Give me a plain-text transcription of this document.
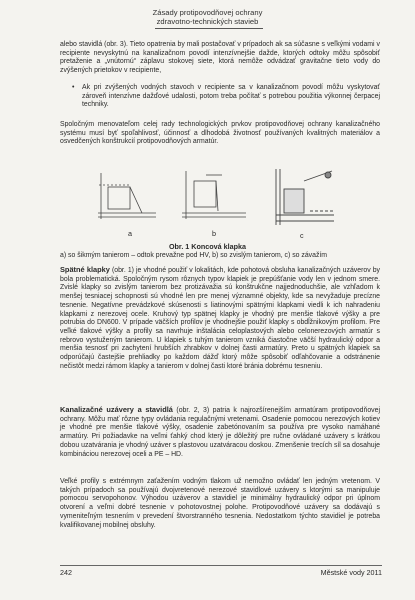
Zásady protipovodňovej ochrany
zdravotno-technických stavieb

alebo stavidlá (obr. 3). Tieto opatrenia by mali postačovať v prípadoch ak sa súčasne s veľkými vodami v recipiente nevyskytnú na kanalizačnom povodí intenzívnejšie dažde, ktorých odtoky môžu spôsobiť pretaženie a „vnútornú“ záplavu stokovej siete, ktorá nemôže odvádzať gravitačne tieto vody do zvýšených prietokov v recipiente,

• Ak pri zvýšených vodných stavoch v recipiente sa v kanalizačnom povodí môžu vyskytovať zároveň intenzívne dažďové udalosti, potom treba počítať s potrebou použitia výkonnej čerpacej techniky.

Spoločným menovateľom celej rady technologických prvkov protipovodňovej ochrany kanalizačného systému musí byť spoľahlivosť, účinnosť a dlhodobá životnosť používaných kvalitných materiálov a osvedčených konštrukcií protipovodňových armatúr.

a	b	c
Obr. 1 Koncová klapka

a) so šikmým tanierom – odtok prevažne pod HV, b) so zvislým tanierom, c) so závažím

Spätné klapky (obr. 1) je vhodné použiť v lokalitách, kde pohotová obsluha kanalizačných uzáverov by bola problematická. Spoločným rysom rôznych typov klapiek je prepúšťanie vody len v jednom smere. Zvislé klapky so zvislým tanierom bez protizávažia sú konštrukčne najjednoduchšie, ale vzhľadom k menšej tesniacej schopnosti sú vhodné len pre menej významné objekty, kde sa nevyžaduje precízne tesnenie. Negatívne prevádzkové skúsenosti s liatinovými spätnými klapkami viedli k ich nahradeniu klapkami z nerezovej ocele. Kruhový typ spätnej klapky je vhodný pre menšie tlakové výšky a pre potrubia do DN600. V prípade väčších profilov je vhodnejšie použiť klapky s obdĺžnikovým profilom. Pre veľké tlakové výšky a profily sa navrhuje inštalácia celoplastových alebo celonerezových armatúr s rebrovo vystuženým tanierom. U klapiek s tuhým tanierom vzniká čiastočne väčší hydraulický odpor a menšia tesnosť pri zachytení hrubších zhrabkov v dolnej časti armatúry. Preto u spätných klapiek sa odporúčajú častejšie prehliadky po každom dážď ktorý môže spôsobiť odľahčovanie a odstránenie nečistôt medzi rámom klapky a tanierom v dolnej časti ktoré bránia dobrému tesneniu.

Kanalizačné uzávery a stavidlá (obr. 2, 3) patria k najrozšírenejším armatúram protipovodňovej ochrany. Môžu mať rôzne typy ovládania regulačnými vretenami. Osadenie pomocou nerezových kotiev je vhodné pre menšie tlakové výšky, osadenie zabetónovaním sa používa pre vysoko namáhané armatúry. Pri požiadavke na veľmi ťahký chod který je dôležitý pre ručne ovládané uzávery s krátkou dobou uzatvárania je vhodný uzáver s plastovou uzatváracou doskou. Zmenšenie trecích síl sa dosahuje kombináciou nerezovej oceli a PE – HD.

Veľké profily s extrémnym zaťažením vodným tlakom už nemožno ovládať len jedným vretenom. V takých prípadoch sa používajú dvojvretenové nerezové stavidlové uzávery s ktorými sa manipuluje pomocou servopohonov. Výhodou uzáverov a stavidiel je minimálny hydraulický odpor pri úplnom otvorení a veľmi dobré tesnenie v pohotovostnej polohe. Protipovodňové uzávery sa dodávajú s vymeniteľným tesnením v prevedení štvorstranného tesnenia. Nedostatkom týchto stavidiel je potreba kvalifikovanej mobilnej obsluhy.

242	Městské vody 2011
